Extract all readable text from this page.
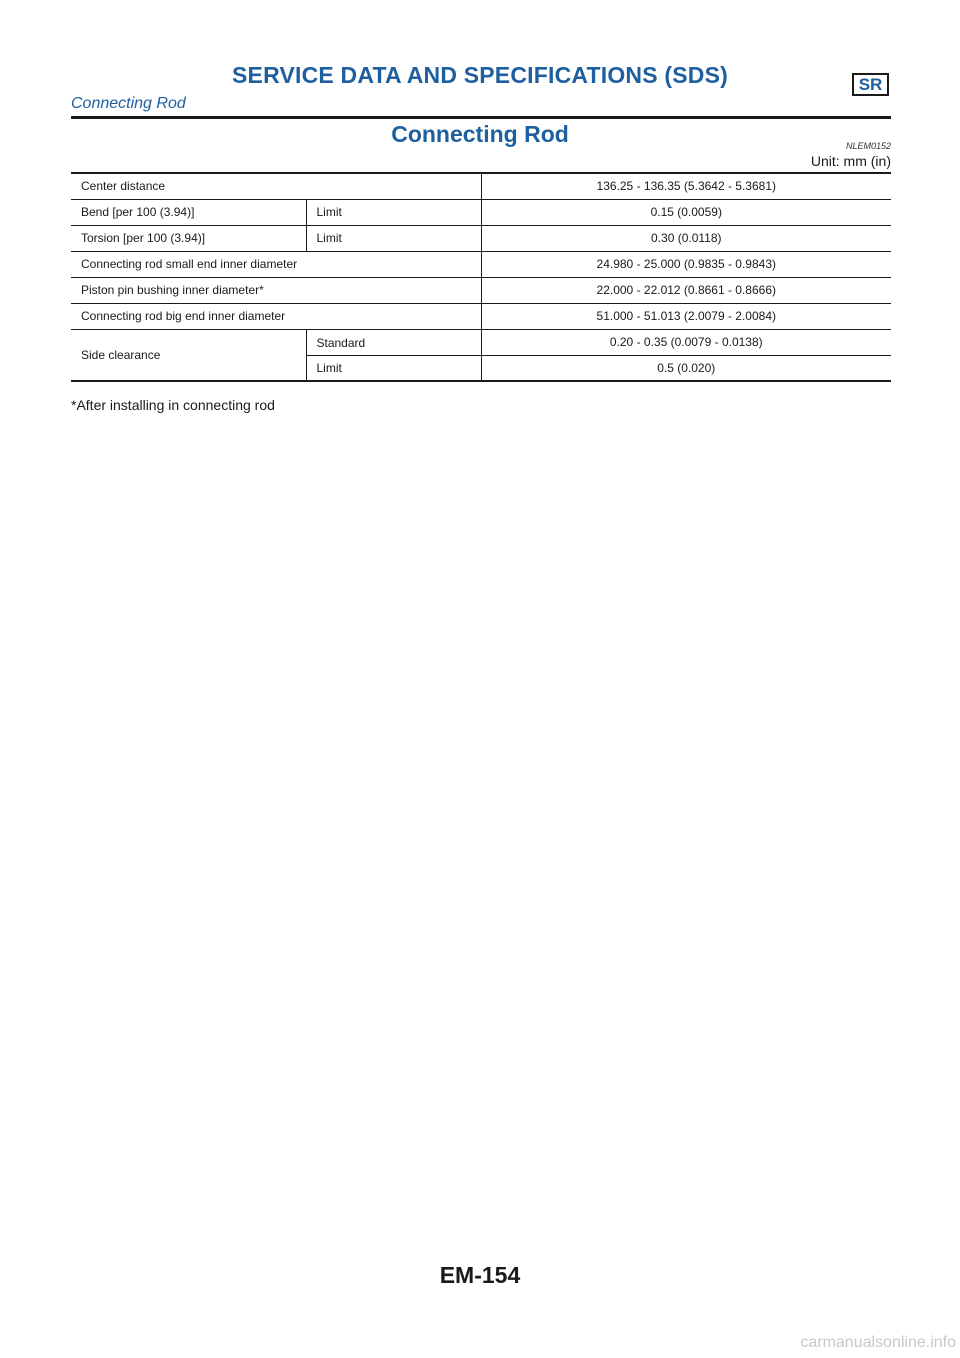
SERVICE DATA AND SPECIFICATIONS (SDS)	SR
Connecting Rod
Connecting Rod	NLEM0152
Unit: mm (in)
Center distance		136.25 - 136.35 (5.3642 - 5.3681)
Bend [per 100 (3.94)]	Limit	0.15 (0.0059)
Torsion [per 100 (3.94)]	Limit	0.30 (0.0118)
Connecting rod small end inner diameter		24.980 - 25.000 (0.9835 - 0.9843)
Piston pin bushing inner diameter*		22.000 - 22.012 (0.8661 - 0.8666)
Connecting rod big end inner diameter		51.000 - 51.013 (2.0079 - 2.0084)
Side clearance	Standard	0.20 - 0.35 (0.0079 - 0.0138)
	Limit	0.5 (0.020)
*After installing in connecting rod
EM-154
carmanualsonline.info
